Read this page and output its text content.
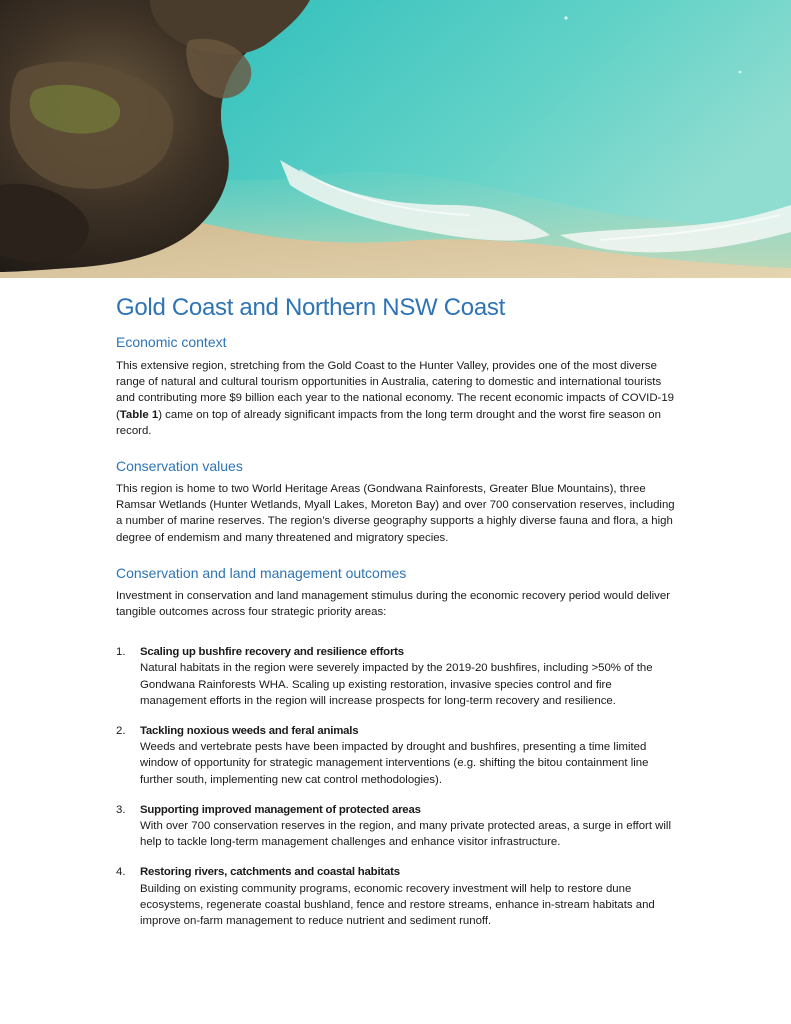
Gold Coast and Northern NSW Coast
Economic context

This extensive region, stretching from the Gold Coast to the Hunter Valley, provides one of the most diverse range of natural and cultural tourism opportunities in Australia, catering to domestic and international tourists and contributing more $9 billion each year to the national economy. The recent economic impacts of COVID-19 (Table 1) came on top of already significant impacts from the long term drought and the worst fire season on record.

Conservation values

This region is home to two World Heritage Areas (Gondwana Rainforests, Greater Blue Mountains), three Ramsar Wetlands (Hunter Wetlands, Myall Lakes, Moreton Bay) and over 700 conservation reserves, including a number of marine reserves. The region’s diverse geography supports a highly diverse fauna and flora, a high degree of endemism and many threatened and migratory species.

Conservation and land management outcomes

Investment in conservation and land management stimulus during the economic recovery period would deliver tangible outcomes across four strategic priority areas:

1. Scaling up bushfire recovery and resilience efforts
Natural habitats in the region were severely impacted by the 2019-20 bushfires, including >50% of the Gondwana Rainforests WHA. Scaling up existing restoration, invasive species control and fire management efforts in the region will increase prospects for long-term recovery and resilience.
2. Tackling noxious weeds and feral animals
Weeds and vertebrate pests have been impacted by drought and bushfires, presenting a time limited window of opportunity for strategic management interventions (e.g. shifting the bitou containment line further south, implementing new cat control methodologies).
3. Supporting improved management of protected areas
With over 700 conservation reserves in the region, and many private protected areas, a surge in effort will help to tackle long-term management challenges and enhance visitor infrastructure.
4. Restoring rivers, catchments and coastal habitats
Building on existing community programs, economic recovery investment will help to restore dune ecosystems, regenerate coastal bushland, fence and restore streams, enhance in-stream habitats and improve on-farm management to reduce nutrient and sediment runoff.
